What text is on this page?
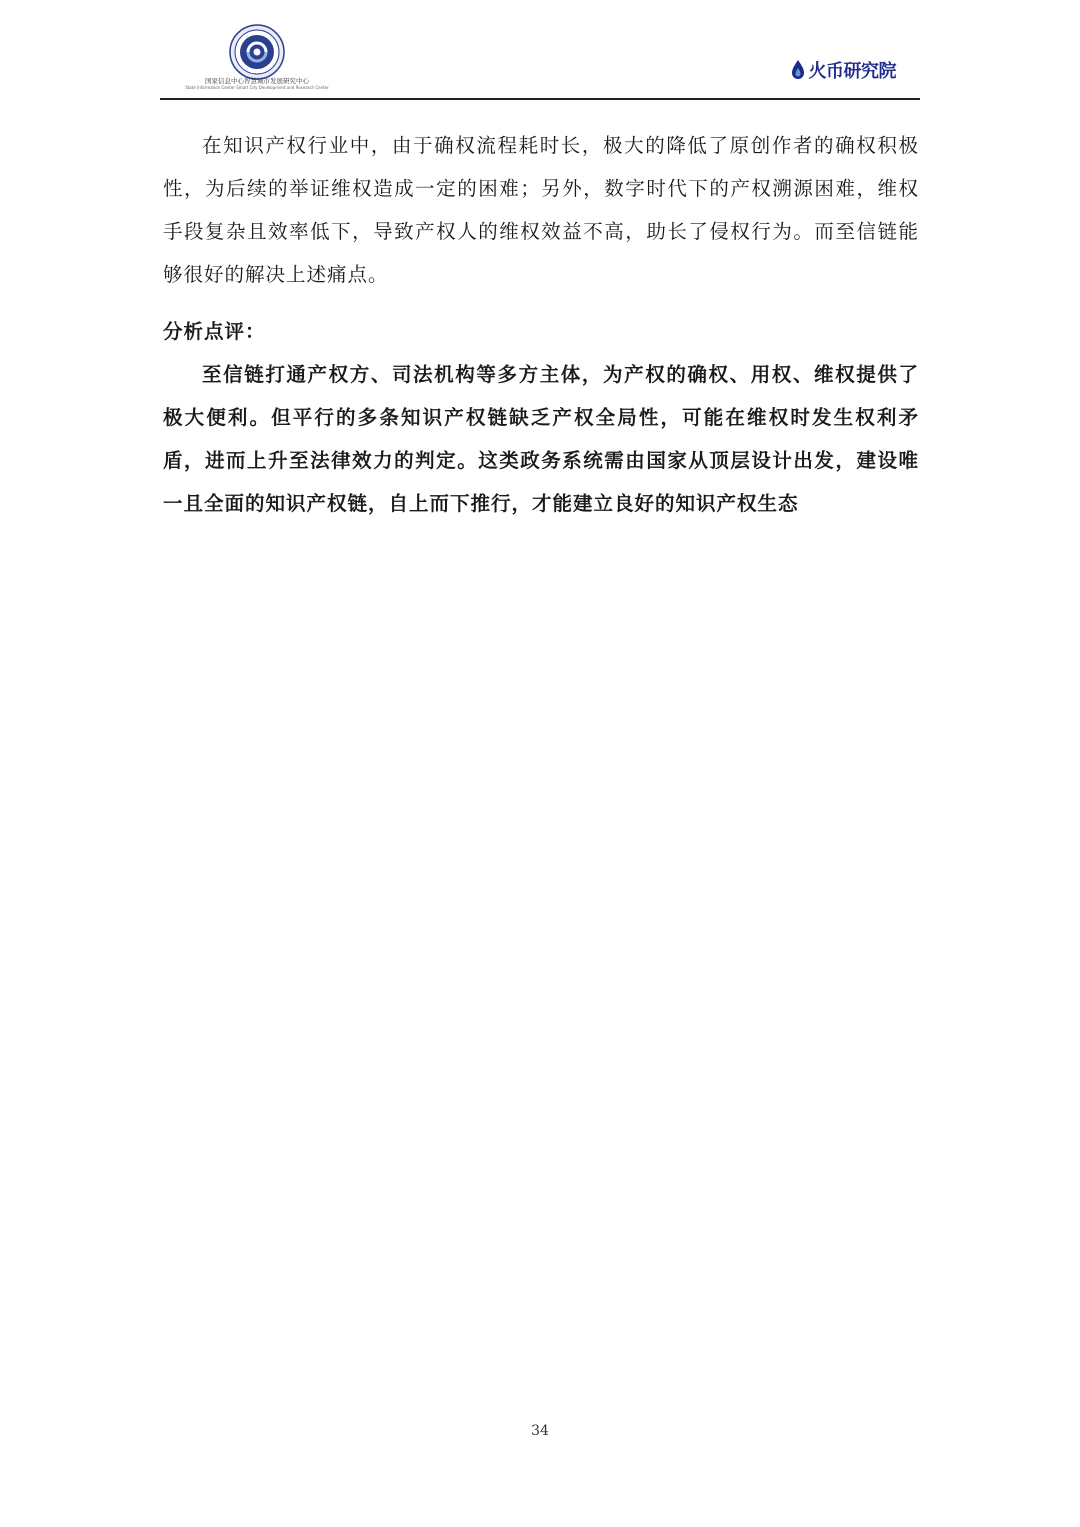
国家信息中心智慧城市发展研究中心
State Information Center Smart City Development and Research Center
火币研究院

在知识产权行业中，由于确权流程耗时长，极大的降低了原创作者的确权积极性，为后续的举证维权造成一定的困难；另外，数字时代下的产权溯源困难，维权手段复杂且效率低下，导致产权人的维权效益不高，助长了侵权行为。而至信链能够很好的解决上述痛点。

分析点评：

至信链打通产权方、司法机构等多方主体，为产权的确权、用权、维权提供了极大便利。但平行的多条知识产权链缺乏产权全局性，可能在维权时发生权利矛盾，进而上升至法律效力的判定。这类政务系统需由国家从顶层设计出发，建设唯一且全面的知识产权链，自上而下推行，才能建立良好的知识产权生态

34
